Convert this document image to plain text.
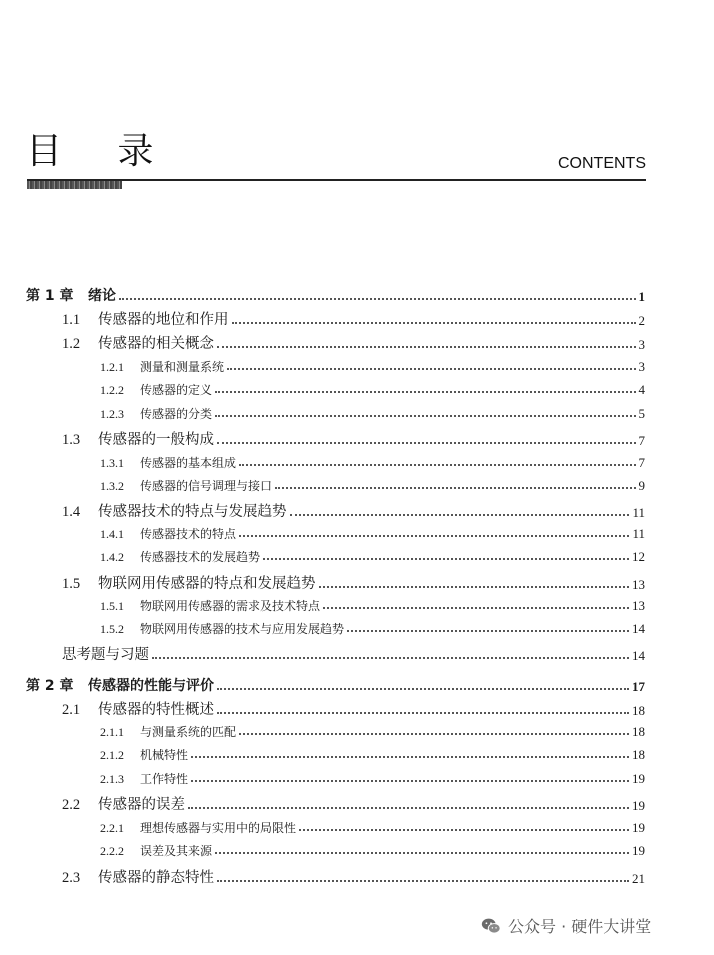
目 录	CONTENTS
第 1 章	绪论	1
1.1	传感器的地位和作用	2
1.2	传感器的相关概念	3
1.2.1	测量和测量系统	3
1.2.2	传感器的定义	4
1.2.3	传感器的分类	5
1.3	传感器的一般构成	7
1.3.1	传感器的基本组成	7
1.3.2	传感器的信号调理与接口	9
1.4	传感器技术的特点与发展趋势	11
1.4.1	传感器技术的特点	11
1.4.2	传感器技术的发展趋势	12
1.5	物联网用传感器的特点和发展趋势	13
1.5.1	物联网用传感器的需求及技术特点	13
1.5.2	物联网用传感器的技术与应用发展趋势	14
思考题与习题	14
第 2 章	传感器的性能与评价	17
2.1	传感器的特性概述	18
2.1.1	与测量系统的匹配	18
2.1.2	机械特性	18
2.1.3	工作特性	19
2.2	传感器的误差	19
2.2.1	理想传感器与实用中的局限性	19
2.2.2	误差及其来源	19
2.3	传感器的静态特性	21
公众号 · 硬件大讲堂
